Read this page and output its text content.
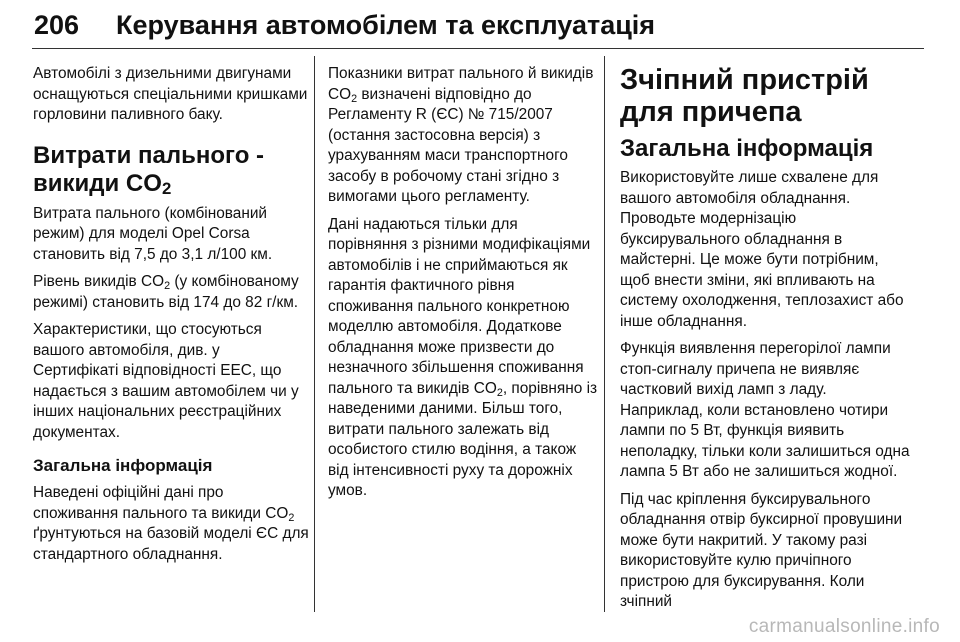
206 Керування автомобілем та експлуатація

Автомобілі з дизельними двигунами оснащуються спеціальними кришками горловини паливного баку.

Витрати пального - викиди $CO_2$

Витрата пального (комбінований режим) для моделі Opel Corsa становить від 7,5 до 3,1 л/100 км.

Рівень викидів $CO_2$ (у комбінованому режимі) становить від 174 до 82 г/км.

Характеристики, що стосуються вашого автомобіля, див. у Сертифікаті відповідності ЕЕС, що надається з вашим автомобілем чи у інших національних реєстраційних документах.

Загальна інформація

Наведені офіційні дані про споживання пального та викиди $CO_2$ ґрунтуються на базовій моделі ЄС для стандартного обладнання.

Показники витрат пального й викидів $CO_2$ визначені відповідно до Регламенту R (ЄС) № 715/2007 (остання застосовна версія) з урахуванням маси транспортного засобу в робочому стані згідно з вимогами цього регламенту.

Дані надаються тільки для порівняння з різними модифікаціями автомобілів і не сприймаються як гарантія фактичного рівня споживання пального конкретною моделлю автомобіля. Додаткове обладнання може призвести до незначного збільшення споживання пального та викидів $CO_2$, порівняно із наведеними даними. Більш того, витрати пального залежать від особистого стилю водіння, а також від інтенсивності руху та дорожніх умов.

Зчіпний пристрій для причепа
Загальна інформація

Використовуйте лише схвалене для вашого автомобіля обладнання. Проводьте модернізацію буксирувального обладнання в майстерні. Це може бути потрібним, щоб внести зміни, які впливають на систему охолодження, теплозахист або інше обладнання.

Функція виявлення перегорілої лампи стоп-сигналу причепа не виявляє частковий вихід ламп з ладу. Наприклад, коли встановлено чотири лампи по 5 Вт, функція виявить неполадку, тільки коли залишиться одна лампа 5 Вт або не залишиться жодної.

Під час кріплення буксирувального обладнання отвір буксирної провушини може бути накритий. У такому разі використовуйте кулю причіпного пристрою для буксирування. Коли зчіпний

carmanualsonline.info
